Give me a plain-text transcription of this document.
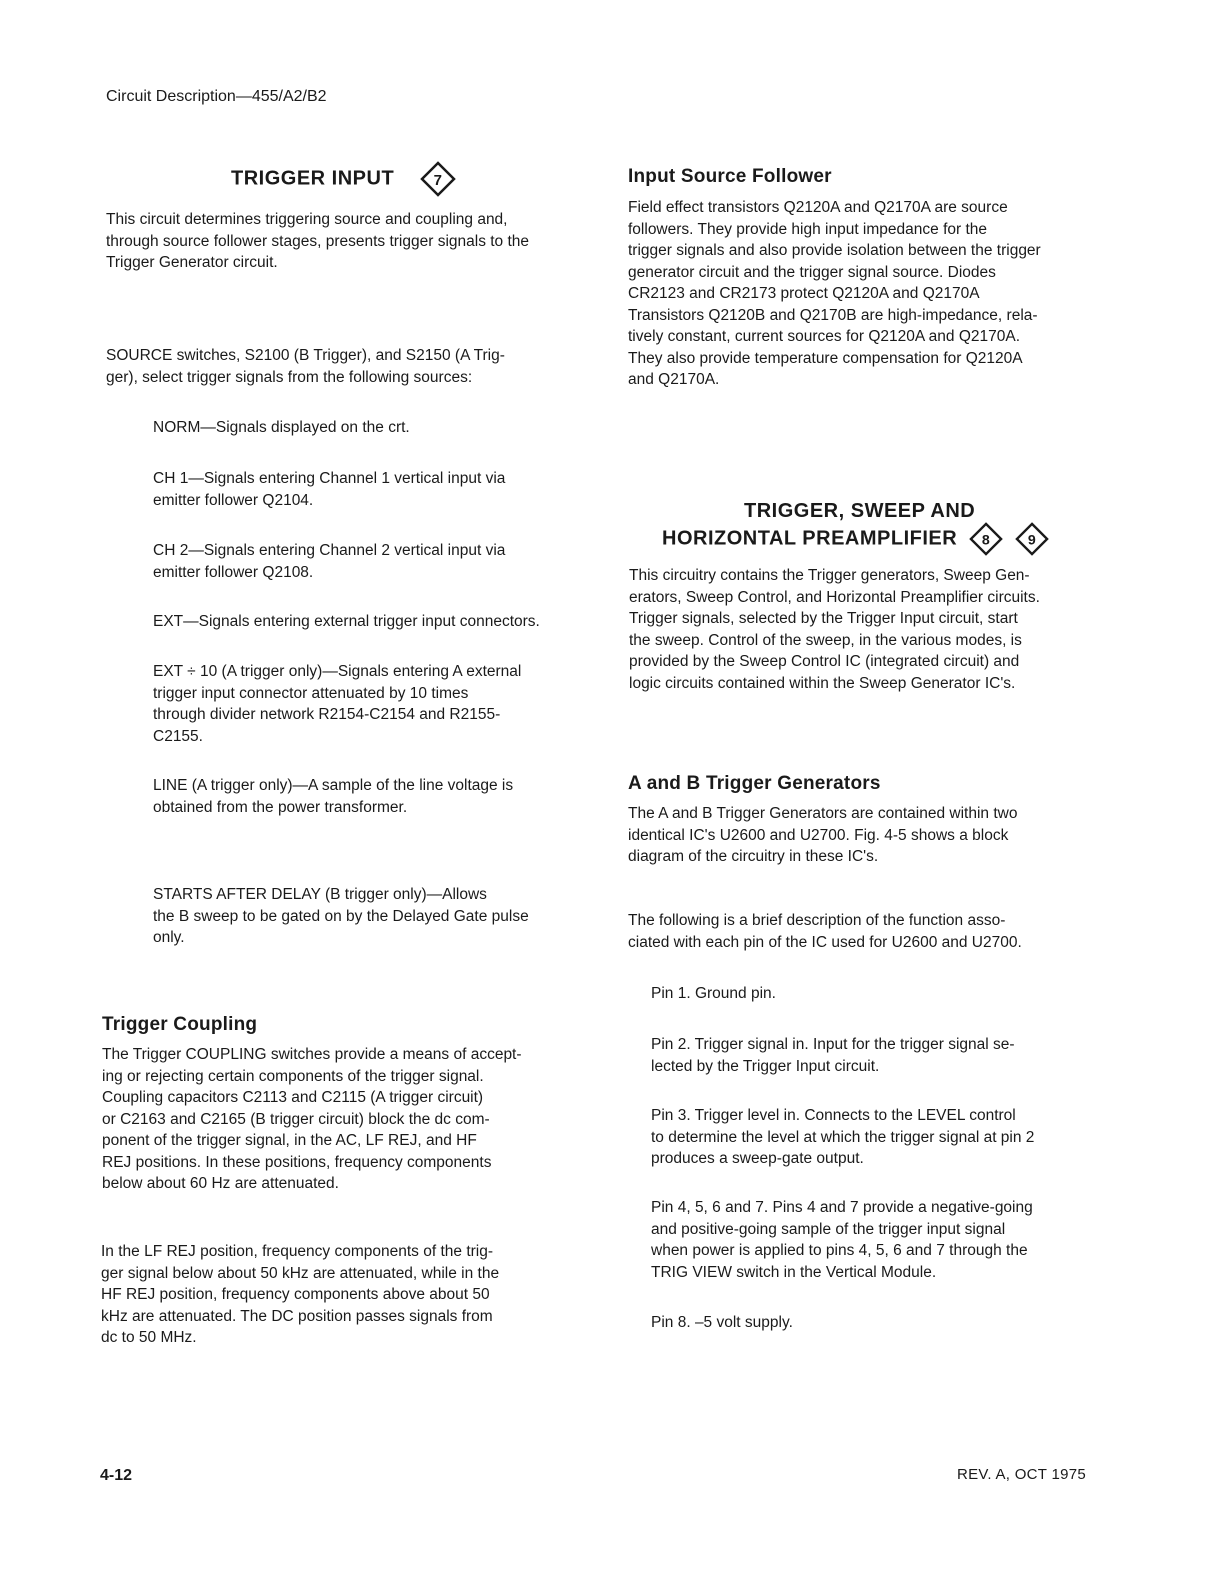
Circuit Description—455/A2/B2
TRIGGER INPUT	7
This circuit determines triggering source and coupling and,
through source follower stages, presents trigger signals to the
Trigger Generator circuit.
SOURCE switches, S2100 (B Trigger), and S2150 (A Trig-
ger), select trigger signals from the following sources:
NORM—Signals displayed on the crt.
CH 1—Signals entering Channel 1 vertical input via
emitter follower Q2104.
CH 2—Signals entering Channel 2 vertical input via
emitter follower Q2108.
EXT—Signals entering external trigger input connectors.
EXT ÷ 10 (A trigger only)—Signals entering A external
trigger input connector attenuated by 10 times
through divider network R2154-C2154 and R2155-
C2155.
LINE (A trigger only)—A sample of the line voltage is
obtained from the power transformer.
STARTS AFTER DELAY (B trigger only)—Allows
the B sweep to be gated on by the Delayed Gate pulse
only.
Trigger Coupling
The Trigger COUPLING switches provide a means of accept-
ing or rejecting certain components of the trigger signal.
Coupling capacitors C2113 and C2115 (A trigger circuit)
or C2163 and C2165 (B trigger circuit) block the dc com-
ponent of the trigger signal, in the AC, LF REJ, and HF
REJ positions. In these positions, frequency components
below about 60 Hz are attenuated.
In the LF REJ position, frequency components of the trig-
ger signal below about 50 kHz are attenuated, while in the
HF REJ position, frequency components above about 50
kHz are attenuated. The DC position passes signals from
dc to 50 MHz.
Input Source Follower
Field effect transistors Q2120A and Q2170A are source
followers. They provide high input impedance for the
trigger signals and also provide isolation between the trigger
generator circuit and the trigger signal source. Diodes
CR2123 and CR2173 protect Q2120A and Q2170A
Transistors Q2120B and Q2170B are high-impedance, rela-
tively constant, current sources for Q2120A and Q2170A.
They also provide temperature compensation for Q2120A
and Q2170A.
TRIGGER, SWEEP AND
HORIZONTAL PREAMPLIFIER 8
	9
This circuitry contains the Trigger generators, Sweep Gen-
erators, Sweep Control, and Horizontal Preamplifier circuits.
Trigger signals, selected by the Trigger Input circuit, start
the sweep. Control of the sweep, in the various modes, is
provided by the Sweep Control IC (integrated circuit) and
logic circuits contained within the Sweep Generator IC's.
A and B Trigger Generators
The A and B Trigger Generators are contained within two
identical IC's U2600 and U2700. Fig. 4-5 shows a block
diagram of the circuitry in these IC's.
The following is a brief description of the function asso-
ciated with each pin of the IC used for U2600 and U2700.
Pin 1. Ground pin.
Pin 2. Trigger signal in. Input for the trigger signal se-
lected by the Trigger Input circuit.
Pin 3. Trigger level in. Connects to the LEVEL control
to determine the level at which the trigger signal at pin 2
produces a sweep-gate output.
Pin 4, 5, 6 and 7. Pins 4 and 7 provide a negative-going
and positive-going sample of the trigger input signal
when power is applied to pins 4, 5, 6 and 7 through the
TRIG VIEW switch in the Vertical Module.
Pin 8. –5 volt supply.
4-12	REV. A, OCT 1975
